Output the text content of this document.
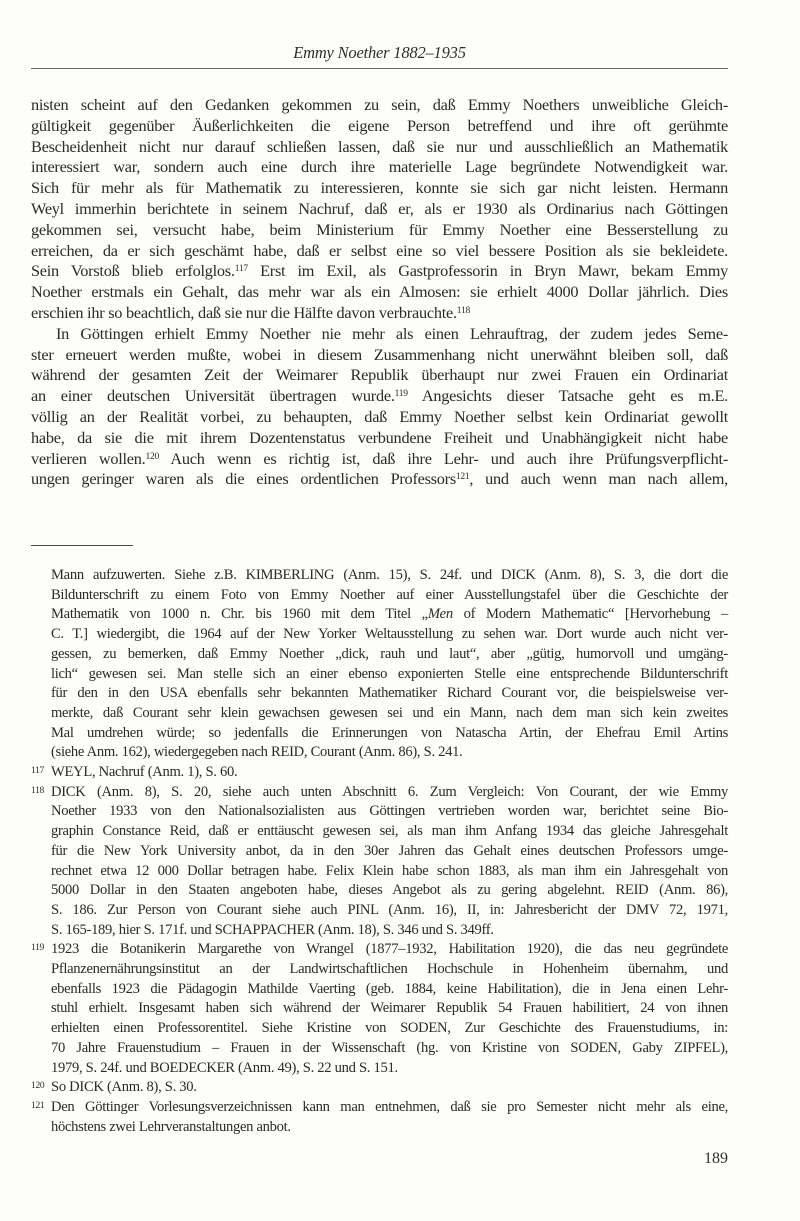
Emmy Noether 1882–1935

nisten scheint auf den Gedanken gekommen zu sein, daß Emmy Noethers unweibliche Gleich-
gültigkeit gegenüber Äußerlichkeiten die eigene Person betreffend und ihre oft gerühmte
Bescheidenheit nicht nur darauf schließen lassen, daß sie nur und ausschließlich an Mathematik
interessiert war, sondern auch eine durch ihre materielle Lage begründete Notwendigkeit war.
Sich für mehr als für Mathematik zu interessieren, konnte sie sich gar nicht leisten. Hermann
Weyl immerhin berichtete in seinem Nachruf, daß er, als er 1930 als Ordinarius nach Göttingen
gekommen sei, versucht habe, beim Ministerium für Emmy Noether eine Besserstellung zu
erreichen, da er sich geschämt habe, daß er selbst eine so viel bessere Position als sie bekleidete.
Sein Vorstoß blieb erfolglos.$^{117}$ Erst im Exil, als Gastprofessorin in Bryn Mawr, bekam Emmy
Noether erstmals ein Gehalt, das mehr war als ein Almosen: sie erhielt 4000 Dollar jährlich. Dies
erschien ihr so beachtlich, daß sie nur die Hälfte davon verbrauchte.$^{118}$

In Göttingen erhielt Emmy Noether nie mehr als einen Lehrauftrag, der zudem jedes Seme-
ster erneuert werden mußte, wobei in diesem Zusammenhang nicht unerwähnt bleiben soll, daß
während der gesamten Zeit der Weimarer Republik überhaupt nur zwei Frauen ein Ordinariat
an einer deutschen Universität übertragen wurde.$^{119}$ Angesichts dieser Tatsache geht es m.E.
völlig an der Realität vorbei, zu behaupten, daß Emmy Noether selbst kein Ordinariat gewollt
habe, da sie die mit ihrem Dozentenstatus verbundene Freiheit und Unabhängigkeit nicht habe
verlieren wollen.$^{120}$ Auch wenn es richtig ist, daß ihre Lehr- und auch ihre Prüfungsverpflicht-
ungen geringer waren als die eines ordentlichen Professors$^{121}$, und auch wenn man nach allem,

Mann aufzuwerten. Siehe z.B. KIMBERLING (Anm. 15), S. 24f. und DICK (Anm. 8), S. 3, die dort die
Bildunterschrift zu einem Foto von Emmy Noether auf einer Ausstellungstafel über die Geschichte der
Mathematik von 1000 n. Chr. bis 1960 mit dem Titel „Men of Modern Mathematic“ [Hervorhebung –
C. T.] wiedergibt, die 1964 auf der New Yorker Weltausstellung zu sehen war. Dort wurde auch nicht ver-
gessen, zu bemerken, daß Emmy Noether „dick, rauh und laut“, aber „gütig, humorvoll und umgäng-
lich“ gewesen sei. Man stelle sich an einer ebenso exponierten Stelle eine entsprechende Bildunterschrift
für den in den USA ebenfalls sehr bekannten Mathematiker Richard Courant vor, die beispielsweise ver-
merkte, daß Courant sehr klein gewachsen gewesen sei und ein Mann, nach dem man sich kein zweites
Mal umdrehen würde; so jedenfalls die Erinnerungen von Natascha Artin, der Ehefrau Emil Artins
(siehe Anm. 162), wiedergegeben nach REID, Courant (Anm. 86), S. 241.
117 WEYL, Nachruf (Anm. 1), S. 60.
118 DICK (Anm. 8), S. 20, siehe auch unten Abschnitt 6. Zum Vergleich: Von Courant, der wie Emmy
Noether 1933 von den Nationalsozialisten aus Göttingen vertrieben worden war, berichtet seine Bio-
graphin Constance Reid, daß er enttäuscht gewesen sei, als man ihm Anfang 1934 das gleiche Jahresgehalt
für die New York University anbot, da in den 30er Jahren das Gehalt eines deutschen Professors umge-
rechnet etwa 12 000 Dollar betragen habe. Felix Klein habe schon 1883, als man ihm ein Jahresgehalt von
5000 Dollar in den Staaten angeboten habe, dieses Angebot als zu gering abgelehnt. REID (Anm. 86),
S. 186. Zur Person von Courant siehe auch PINL (Anm. 16), II, in: Jahresbericht der DMV 72, 1971,
S. 165-189, hier S. 171f. und SCHAPPACHER (Anm. 18), S. 346 und S. 349ff.
119 1923 die Botanikerin Margarethe von Wrangel (1877–1932, Habilitation 1920), die das neu gegründete
Pflanzenernährungsinstitut an der Landwirtschaftlichen Hochschule in Hohenheim übernahm, und
ebenfalls 1923 die Pädagogin Mathilde Vaerting (geb. 1884, keine Habilitation), die in Jena einen Lehr-
stuhl erhielt. Insgesamt haben sich während der Weimarer Republik 54 Frauen habilitiert, 24 von ihnen
erhielten einen Professorentitel. Siehe Kristine von SODEN, Zur Geschichte des Frauenstudiums, in:
70 Jahre Frauenstudium – Frauen in der Wissenschaft (hg. von Kristine von SODEN, Gaby ZIPFEL),
1979, S. 24f. und BOEDECKER (Anm. 49), S. 22 und S. 151.
120 So DICK (Anm. 8), S. 30.
121 Den Göttinger Vorlesungsverzeichnissen kann man entnehmen, daß sie pro Semester nicht mehr als eine,
höchstens zwei Lehrveranstaltungen anbot.
189
